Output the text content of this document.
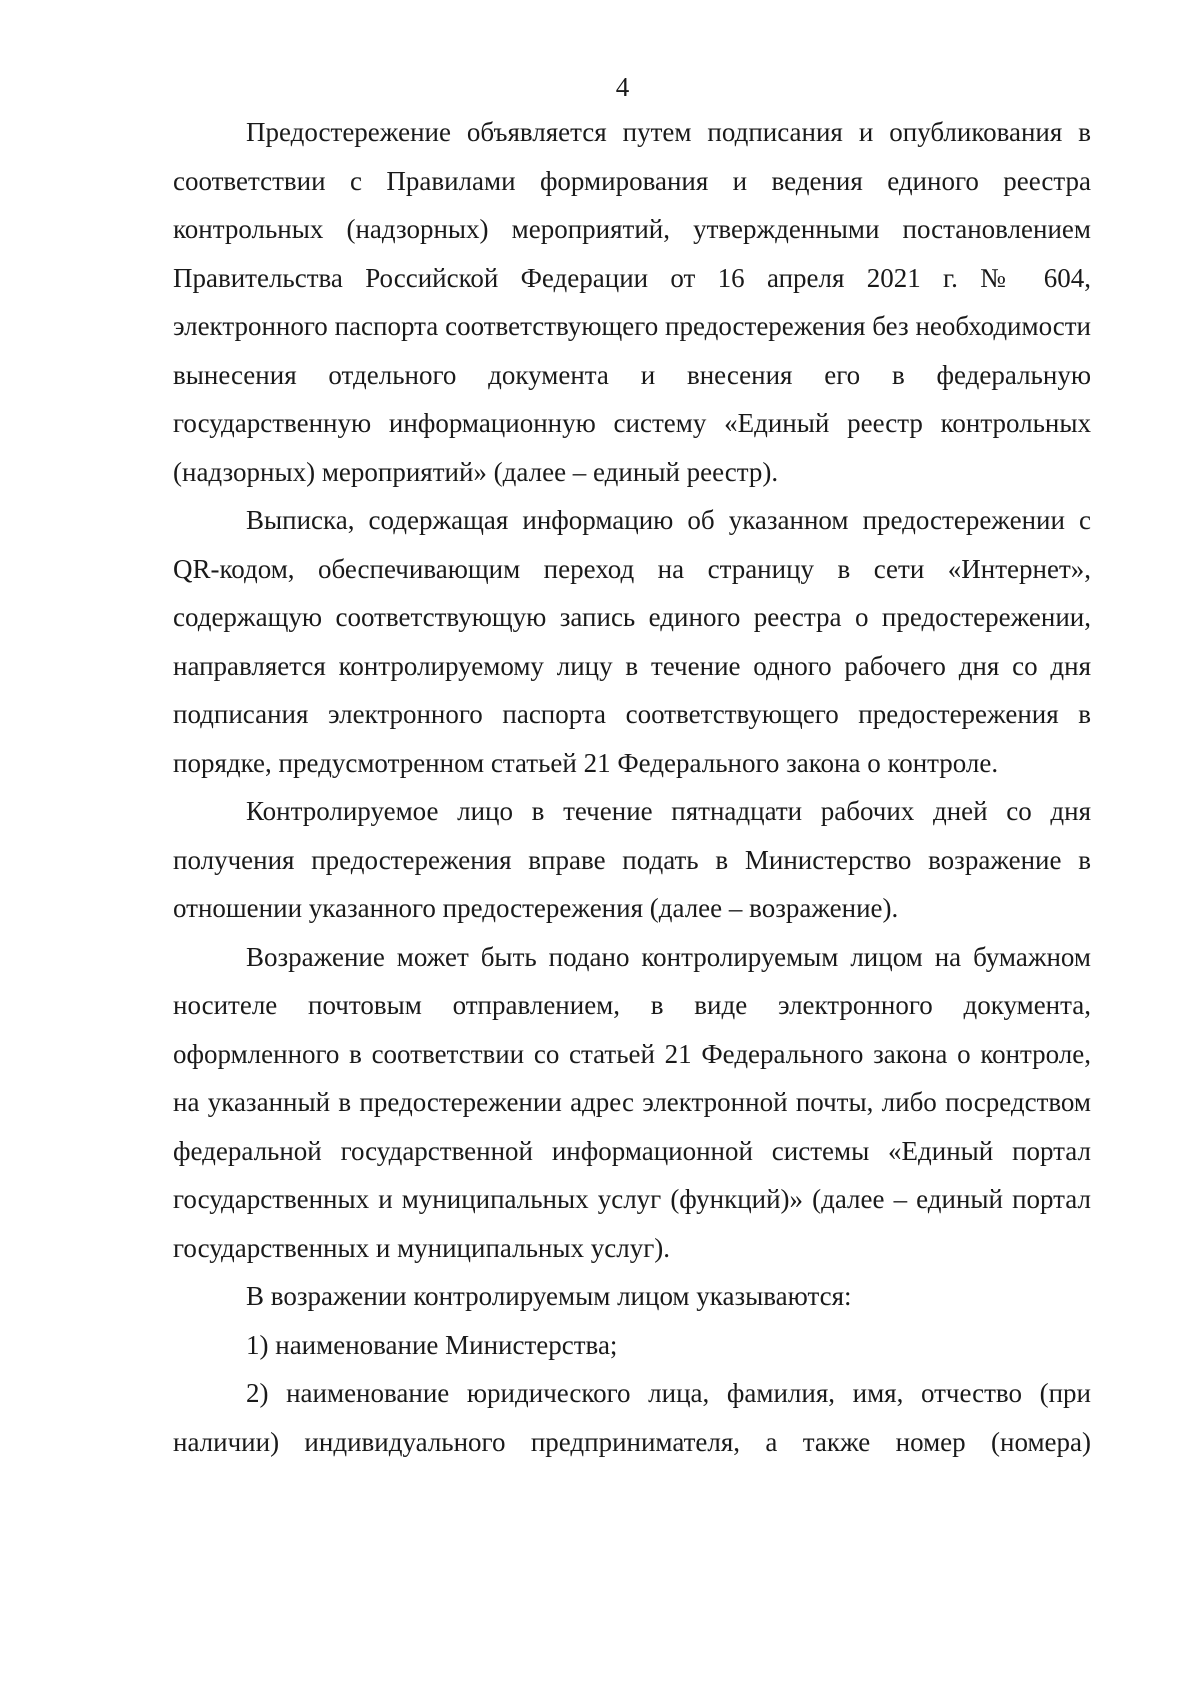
4

Предостережение объявляется путем подписания и опубликования в соответствии с Правилами формирования и ведения единого реестра контрольных (надзорных) мероприятий, утвержденными постановлением Правительства Российской Федерации от 16 апреля 2021 г. № 604, электронного паспорта соответствующего предостережения без необходимости вынесения отдельного документа и внесения его в федеральную государственную информационную систему «Единый реестр контрольных (надзорных) мероприятий» (далее – единый реестр).

Выписка, содержащая информацию об указанном предостережении с QR-кодом, обеспечивающим переход на страницу в сети «Интернет», содержащую соответствующую запись единого реестра о предостережении, направляется контролируемому лицу в течение одного рабочего дня со дня подписания электронного паспорта соответствующего предостережения в порядке, предусмотренном статьей 21 Федерального закона о контроле.

Контролируемое лицо в течение пятнадцати рабочих дней со дня получения предостережения вправе подать в Министерство возражение в отношении указанного предостережения (далее – возражение).

Возражение может быть подано контролируемым лицом на бумажном носителе почтовым отправлением, в виде электронного документа, оформленного в соответствии со статьей 21 Федерального закона о контроле, на указанный в предостережении адрес электронной почты, либо посредством федеральной государственной информационной системы «Единый портал государственных и муниципальных услуг (функций)» (далее – единый портал государственных и муниципальных услуг).

В возражении контролируемым лицом указываются:

1) наименование Министерства;

2) наименование юридического лица, фамилия, имя, отчество (при наличии) индивидуального предпринимателя, а также номер (номера)
